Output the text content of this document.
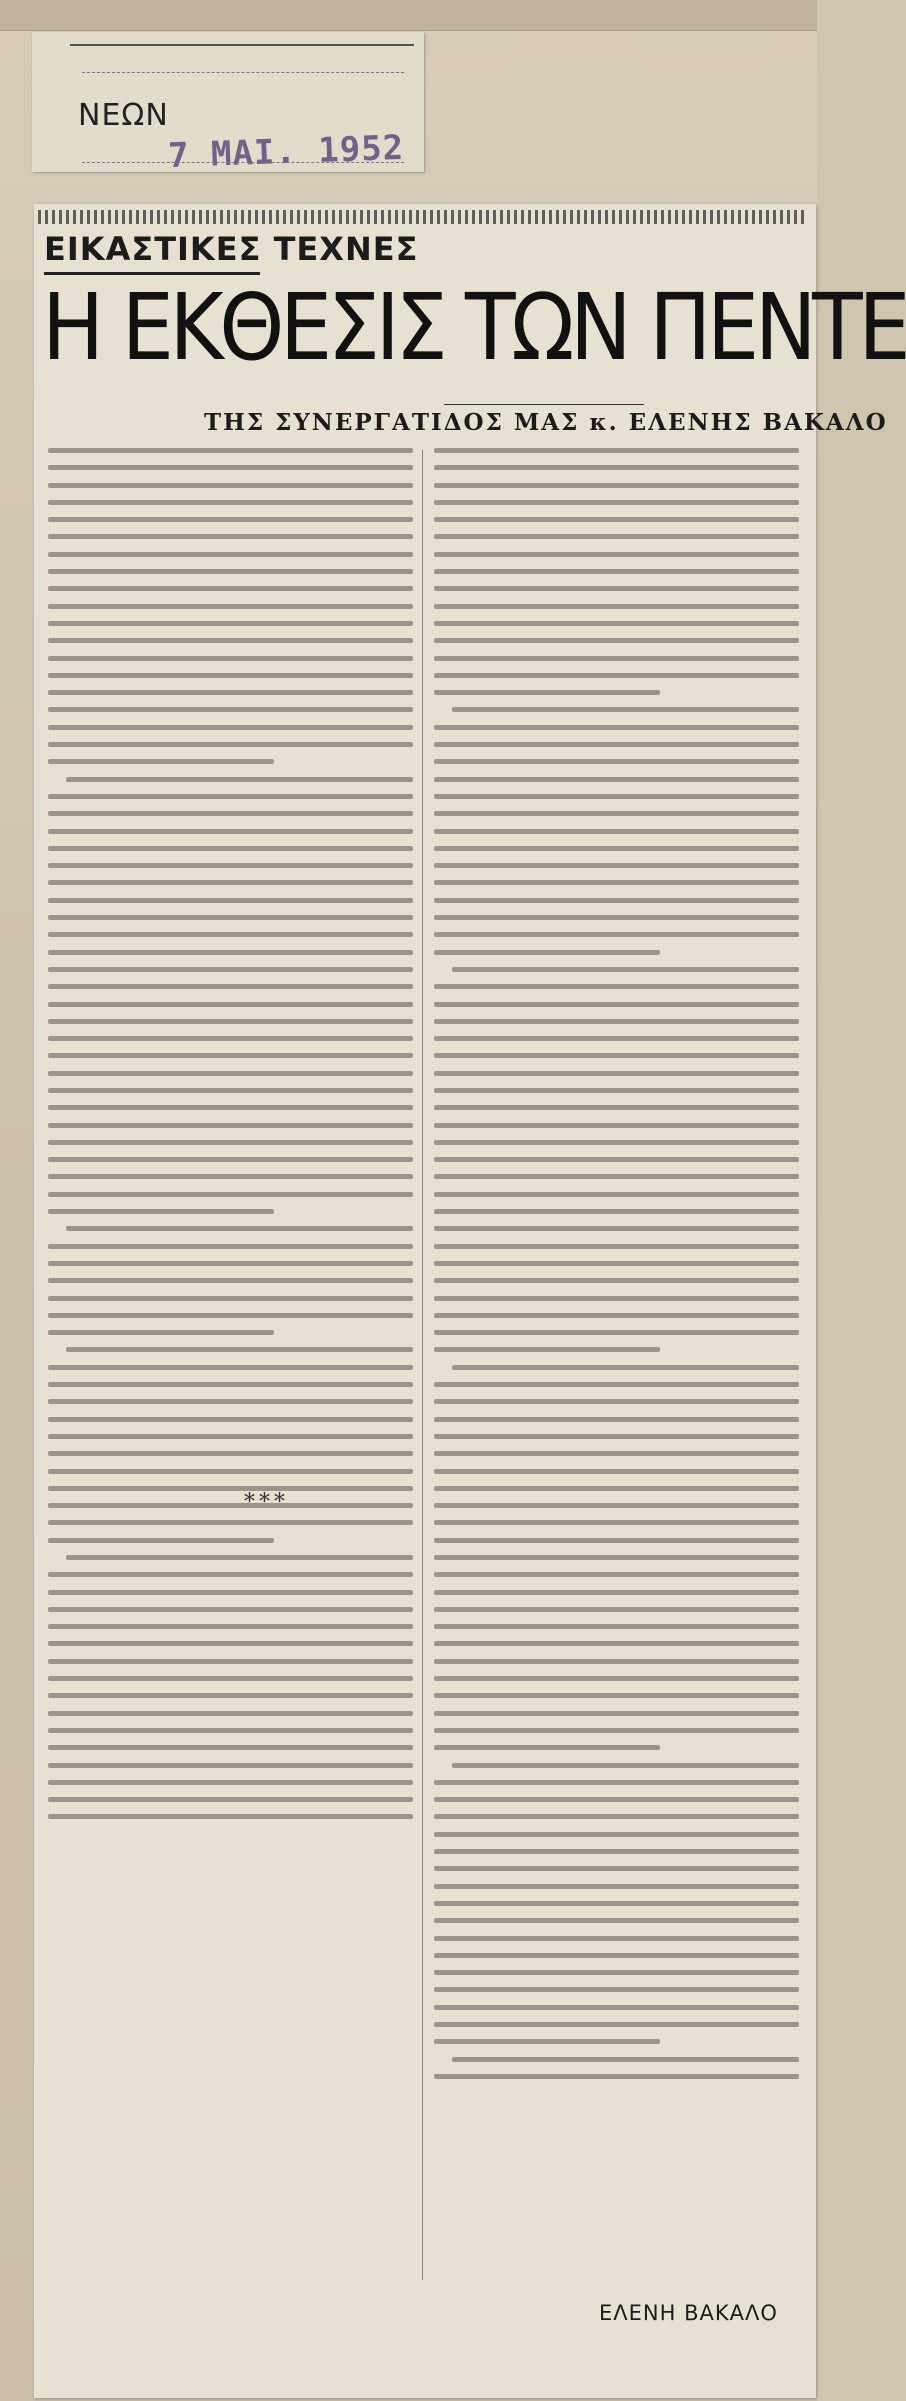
ΝΕΩΝ
7 MAI. 1952
ΕΙΚΑΣΤΙΚΕΣ ΤΕΧΝΕΣ
Η ΕΚΘΕΣΙΣ ΤΩΝ ΠΕΝΤΕ
ΤΗΣ ΣΥΝΕΡΓΑΤΙΔΟΣ ΜΑΣ κ. ΕΛΕΝΗΣ ΒΑΚΑΛΟ
***
ΕΛΕΝΗ ΒΑΚΑΛΟ
